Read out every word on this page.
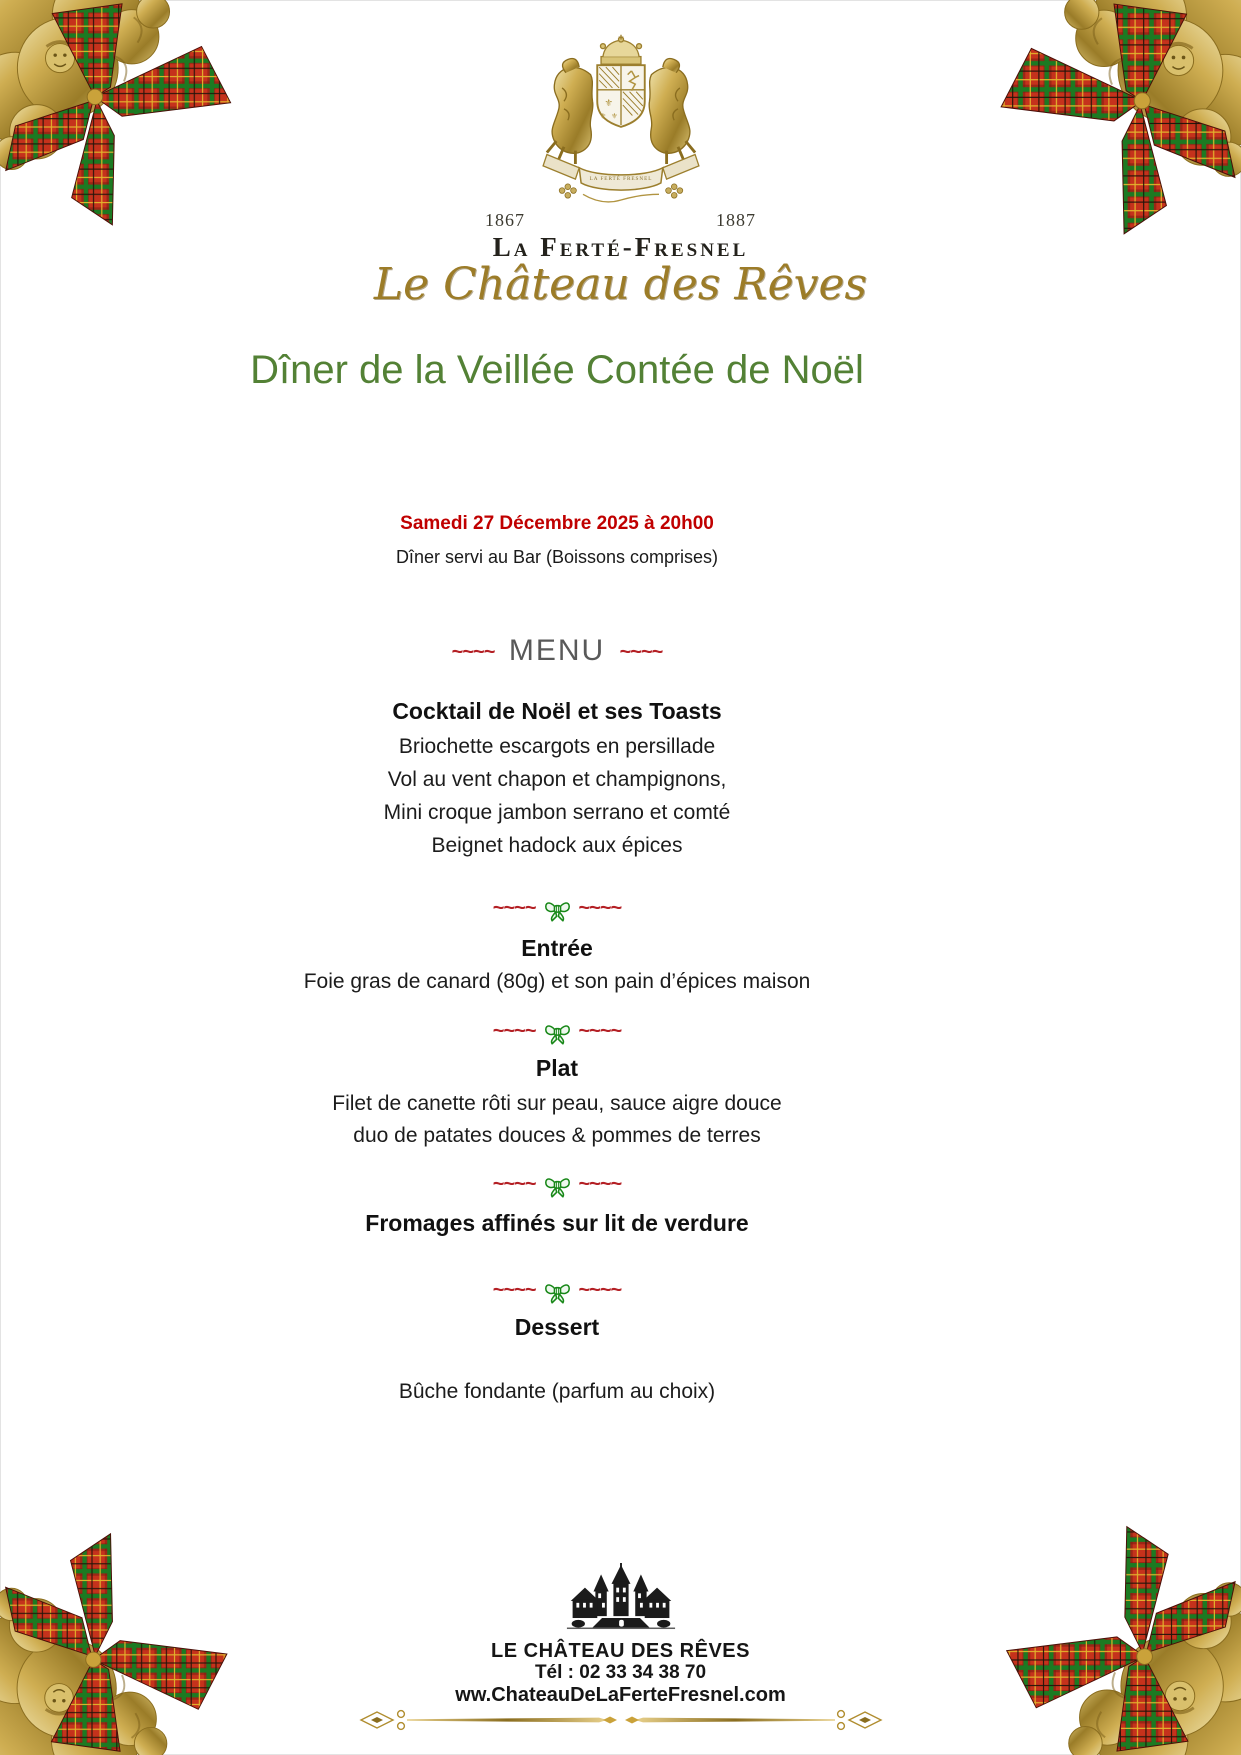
⚜
⚜ ⚜
LA FERTÉ FRESNEL
1867	1887
La Ferté-Fresnel
Le Château des Rêves
Dîner de la Veillée Contée de Noël
Samedi 27 Décembre 2025 à 20h00
Dîner servi au Bar (Boissons comprises)
~~~~ MENU ~~~~
Cocktail de Noël et ses Toasts
Briochette escargots en persillade
Vol au vent chapon et champignons,
Mini croque jambon serrano et comté
Beignet hadock aux épices
~~~~ ~~~~
Entrée
Foie gras de canard (80g) et son pain d’épices maison
~~~~ ~~~~
Plat
Filet de canette rôti sur peau, sauce aigre douce
duo de patates douces & pommes de terres
~~~~ ~~~~
Fromages affinés sur lit de verdure
~~~~ ~~~~
Dessert
Bûche fondante (parfum au choix)
LE CHÂTEAU DES RÊVES
Tél : 02 33 34 38 70
ww.ChateauDeLaFerteFresnel.com
